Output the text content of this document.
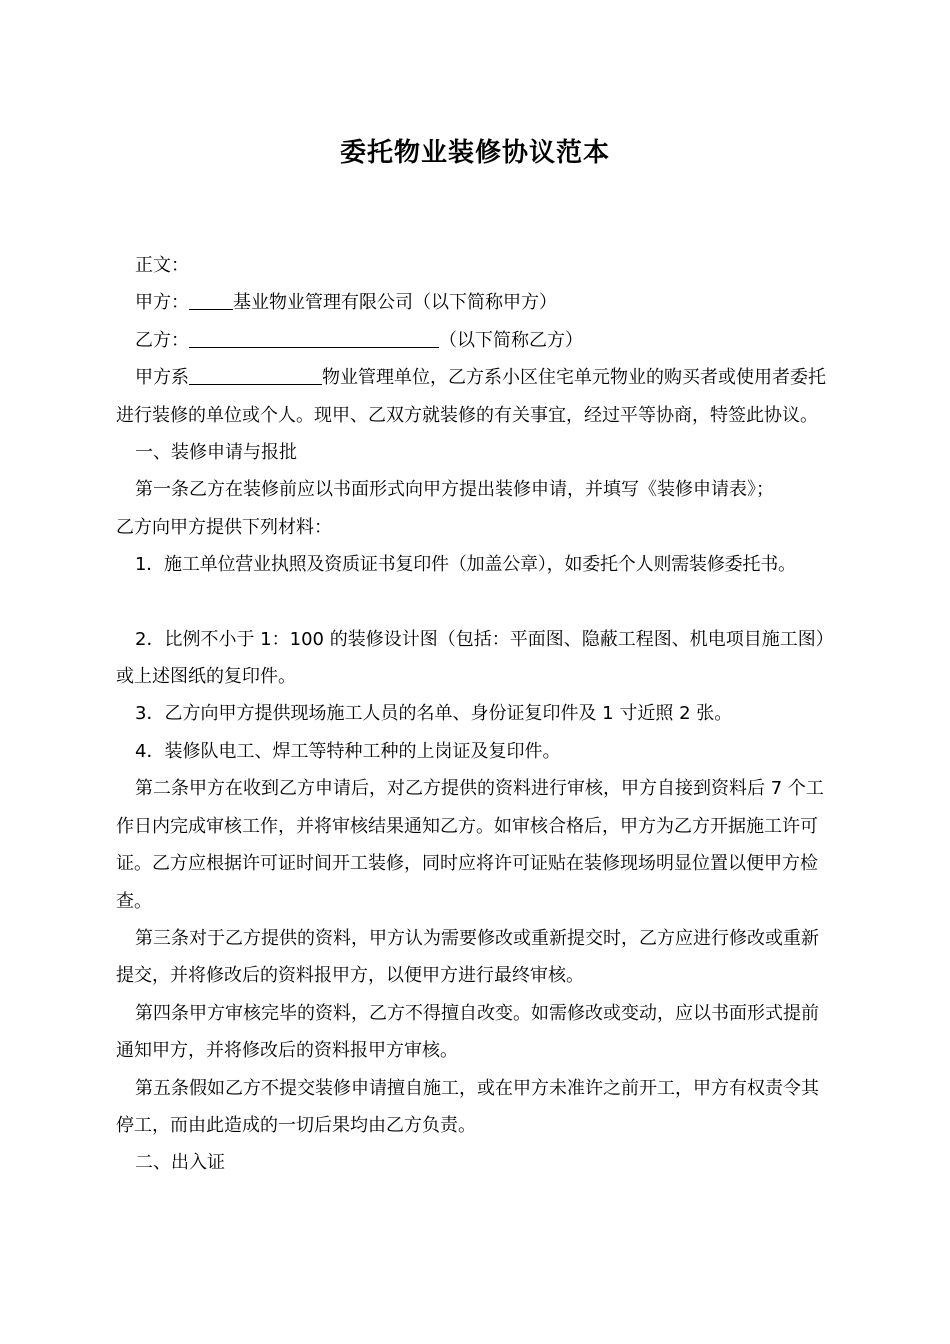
委托物业装修协议范本

正文：

甲方： 基业物业管理有限公司（以下简称甲方）

乙方：	（以下简称乙方）

甲方系	物业管理单位，乙方系小区住宅单元物业的购买者或使用者委托进行装修的单位或个人。现甲、乙双方就装修的有关事宜，经过平等协商，特签此协议。

一、装修申请与报批

第一条乙方在装修前应以书面形式向甲方提出装修申请，并填写《装修申请表》；

乙方向甲方提供下列材料：

1．施工单位营业执照及资质证书复印件（加盖公章），如委托个人则需装修委托书。

2．比例不小于 1：100 的装修设计图（包括：平面图、隐蔽工程图、机电项目施工图）或上述图纸的复印件。

3．乙方向甲方提供现场施工人员的名单、身份证复印件及 1 寸近照 2 张。

4．装修队电工、焊工等特种工种的上岗证及复印件。

第二条甲方在收到乙方申请后，对乙方提供的资料进行审核，甲方自接到资料后 7 个工作日内完成审核工作，并将审核结果通知乙方。如审核合格后，甲方为乙方开据施工许可证。乙方应根据许可证时间开工装修，同时应将许可证贴在装修现场明显位置以便甲方检查。

第三条对于乙方提供的资料，甲方认为需要修改或重新提交时，乙方应进行修改或重新提交，并将修改后的资料报甲方，以便甲方进行最终审核。

第四条甲方审核完毕的资料，乙方不得擅自改变。如需修改或变动，应以书面形式提前通知甲方，并将修改后的资料报甲方审核。

第五条假如乙方不提交装修申请擅自施工，或在甲方未准许之前开工，甲方有权责令其停工，而由此造成的一切后果均由乙方负责。

二、出入证
